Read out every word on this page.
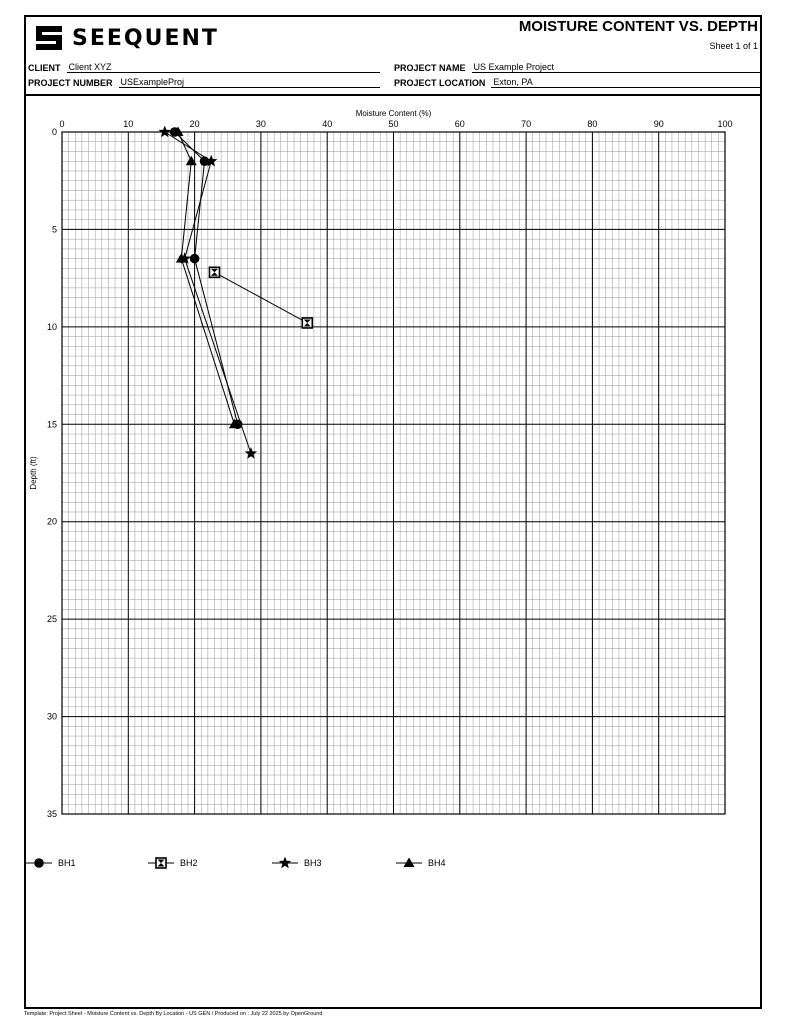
SEEQUENT	MOISTURE CONTENT VS. DEPTH
Sheet 1 of 1
CLIENT Client XYZ
PROJECT NUMBER USExampleProj
PROJECT NAME US Example Project
PROJECT LOCATION Exton, PA
0	10	20	30	40	50	60	70	80	90	100
0
5
10
15
20
25
30
35
Moisture Content (%)
Depth (ft)
BH1	BH2	BH3	BH4
Template: Project Sheet - Moisture Content vs. Depth By Location - US GEN / Produced on : July 22 2025 by OpenGround
